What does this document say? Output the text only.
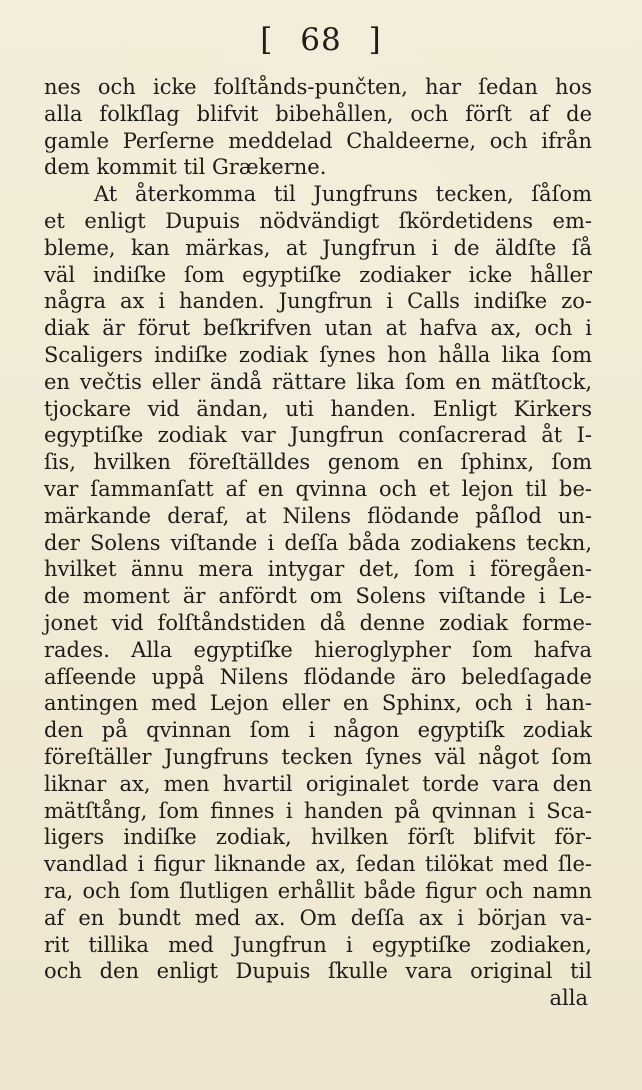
[ 68 ]
nes och icke folſtånds-punčten, har ſedan hos
alla folkſlag blifvit bibehållen, och förſt af de
gamle Perſerne meddelad Chaldeerne, och ifrån
dem kommit til Grækerne.
At återkomma til Jungfruns tecken, ſåſom
et enligt Dupuis nödvändigt ſkördetidens em-
bleme, kan märkas, at Jungfrun i de äldſte ſå
väl indiſke ſom egyptiſke zodiaker icke håller
några ax i handen. Jungfrun i Calls indiſke zo-
diak är förut beſkrifven utan at hafva ax, och i
Scaligers indiſke zodiak ſynes hon hålla lika ſom
en večtis eller ändå rättare lika ſom en mätſtock,
tjockare vid ändan, uti handen. Enligt Kirkers
egyptiſke zodiak var Jungfrun conſacrerad åt I-
ſis, hvilken föreſtälldes genom en ſphinx, ſom
var ſammanſatt af en qvinna och et lejon til be-
märkande deraf, at Nilens flödande påſlod un-
der Solens viſtande i deſſa båda zodiakens teckn,
hvilket ännu mera intygar det, ſom i föregåen-
de moment är anfördt om Solens viſtande i Le-
jonet vid folſtåndstiden då denne zodiak forme-
rades. Alla egyptiſke hieroglypher ſom hafva
afſeende uppå Nilens flödande äro beledſagade
antingen med Lejon eller en Sphinx, och i han-
den på qvinnan ſom i någon egyptiſk zodiak
föreſtäller Jungfruns tecken ſynes väl något ſom
liknar ax, men hvartil originalet torde vara den
mätſtång, ſom finnes i handen på qvinnan i Sca-
ligers indiſke zodiak, hvilken förſt blifvit för-
vandlad i figur liknande ax, ſedan tilökat med ſle-
ra, och ſom ſlutligen erhållit både figur och namn
af en bundt med ax. Om deſſa ax i början va-
rit tillika med Jungfrun i egyptiſke zodiaken,
och den enligt Dupuis ſkulle vara original til
alla
